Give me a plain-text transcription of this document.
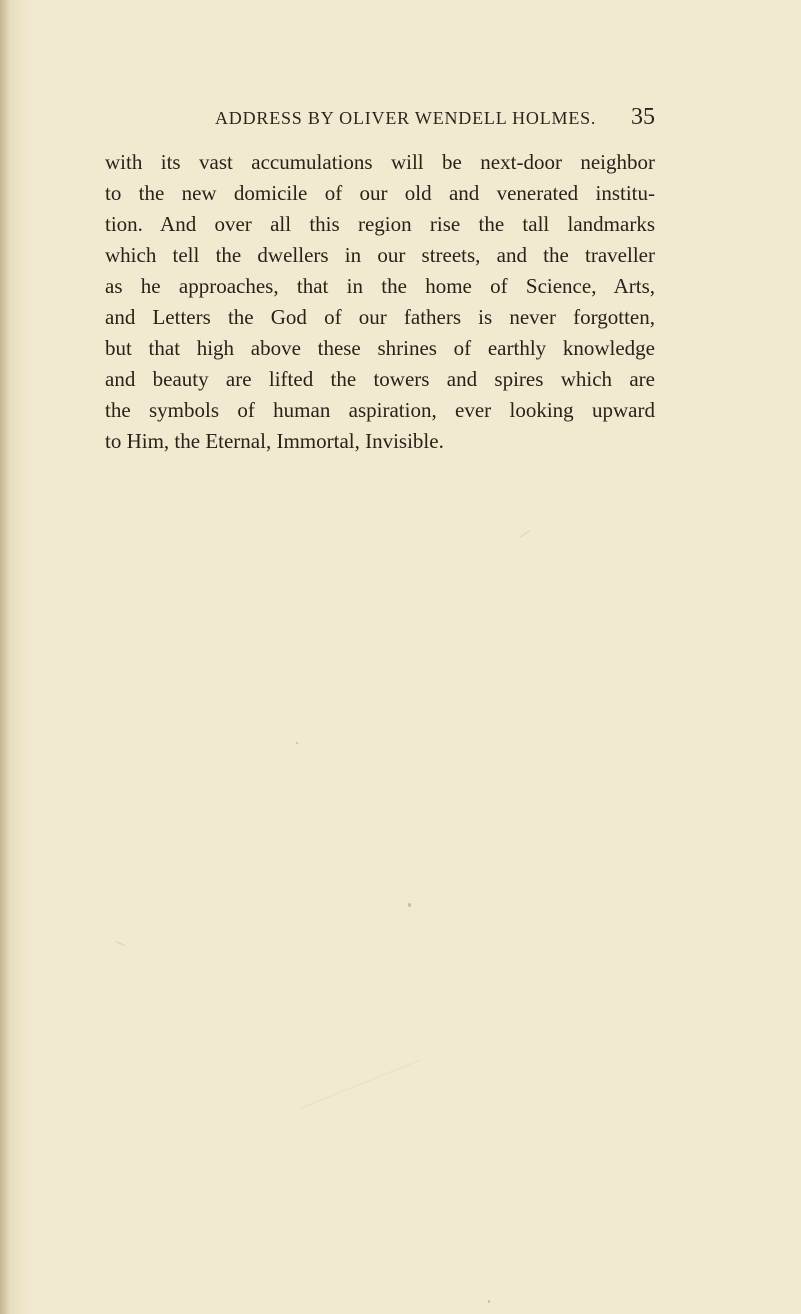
ADDRESS BY OLIVER WENDELL HOLMES. 35
with its vast accumulations will be next-door neighbor
to the new domicile of our old and venerated institu-
tion. And over all this region rise the tall landmarks
which tell the dwellers in our streets, and the traveller
as he approaches, that in the home of Science, Arts,
and Letters the God of our fathers is never forgotten,
but that high above these shrines of earthly knowledge
and beauty are lifted the towers and spires which are
the symbols of human aspiration, ever looking upward
to Him, the Eternal, Immortal, Invisible.
